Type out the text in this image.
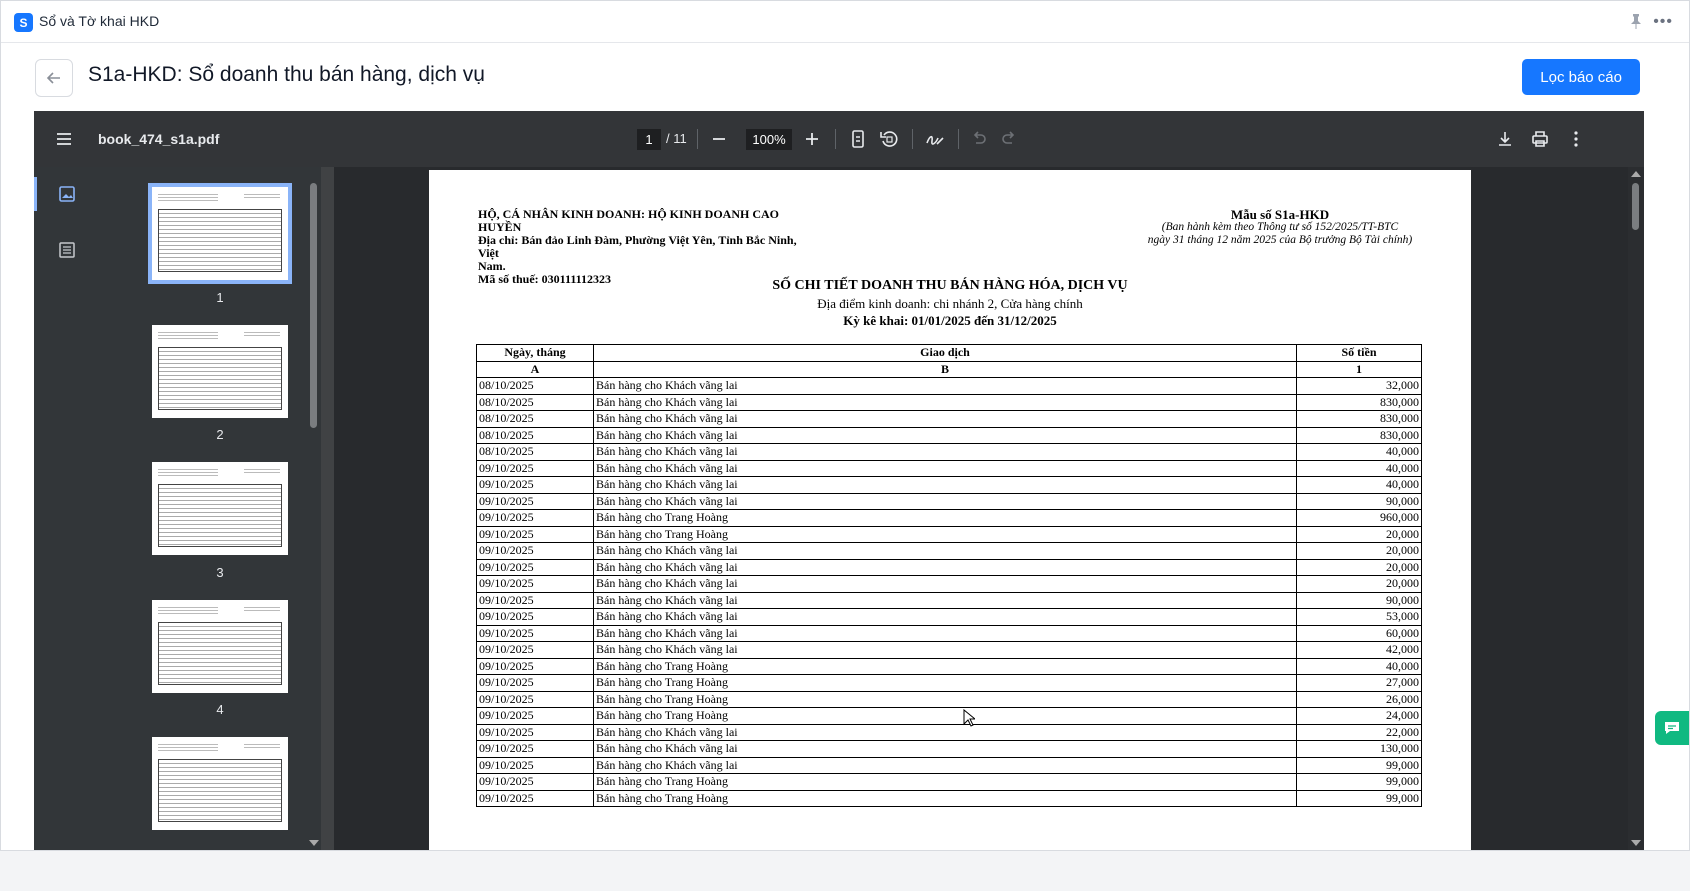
S Sổ và Tờ khai HKD	•••
S1a-HKD: Sổ doanh thu bán hàng, dịch vụ	Lọc báo cáo
book_474_s1a.pdf	1	/ 11	100%
1
2
3
4
HỘ, CÁ NHÂN KINH DOANH: HỘ KINH DOANH CAO HUYỀN
Địa chỉ: Bán đảo Linh Đàm, Phường Việt Yên, Tỉnh Bắc Ninh, Việt
Nam.
Mã số thuế: 030111112323
Mẫu số S1a-HKD
(Ban hành kèm theo Thông tư số 152/2025/TT-BTC
ngày 31 tháng 12 năm 2025 của Bộ trưởng Bộ Tài chính)
SỐ CHI TIẾT DOANH THU BÁN HÀNG HÓA, DỊCH VỤ
Địa điểm kinh doanh: chi nhánh 2, Cửa hàng chính
Kỳ kê khai: 01/01/2025 đến 31/12/2025
Ngày, tháng	Giao dịch	Số tiền
A	B	1
08/10/2025	Bán hàng cho Khách vãng lai	32,000
08/10/2025	Bán hàng cho Khách vãng lai	830,000
08/10/2025	Bán hàng cho Khách vãng lai	830,000
08/10/2025	Bán hàng cho Khách vãng lai	830,000
08/10/2025	Bán hàng cho Khách vãng lai	40,000
09/10/2025	Bán hàng cho Khách vãng lai	40,000
09/10/2025	Bán hàng cho Khách vãng lai	40,000
09/10/2025	Bán hàng cho Khách vãng lai	90,000
09/10/2025	Bán hàng cho Trang Hoàng	960,000
09/10/2025	Bán hàng cho Trang Hoàng	20,000
09/10/2025	Bán hàng cho Khách vãng lai	20,000
09/10/2025	Bán hàng cho Khách vãng lai	20,000
09/10/2025	Bán hàng cho Khách vãng lai	20,000
09/10/2025	Bán hàng cho Khách vãng lai	90,000
09/10/2025	Bán hàng cho Khách vãng lai	53,000
09/10/2025	Bán hàng cho Khách vãng lai	60,000
09/10/2025	Bán hàng cho Khách vãng lai	42,000
09/10/2025	Bán hàng cho Trang Hoàng	40,000
09/10/2025	Bán hàng cho Trang Hoàng	27,000
09/10/2025	Bán hàng cho Trang Hoàng	26,000
09/10/2025	Bán hàng cho Trang Hoàng	24,000
09/10/2025	Bán hàng cho Khách vãng lai	22,000
09/10/2025	Bán hàng cho Khách vãng lai	130,000
09/10/2025	Bán hàng cho Khách vãng lai	99,000
09/10/2025	Bán hàng cho Trang Hoàng	99,000
09/10/2025	Bán hàng cho Trang Hoàng	99,000
